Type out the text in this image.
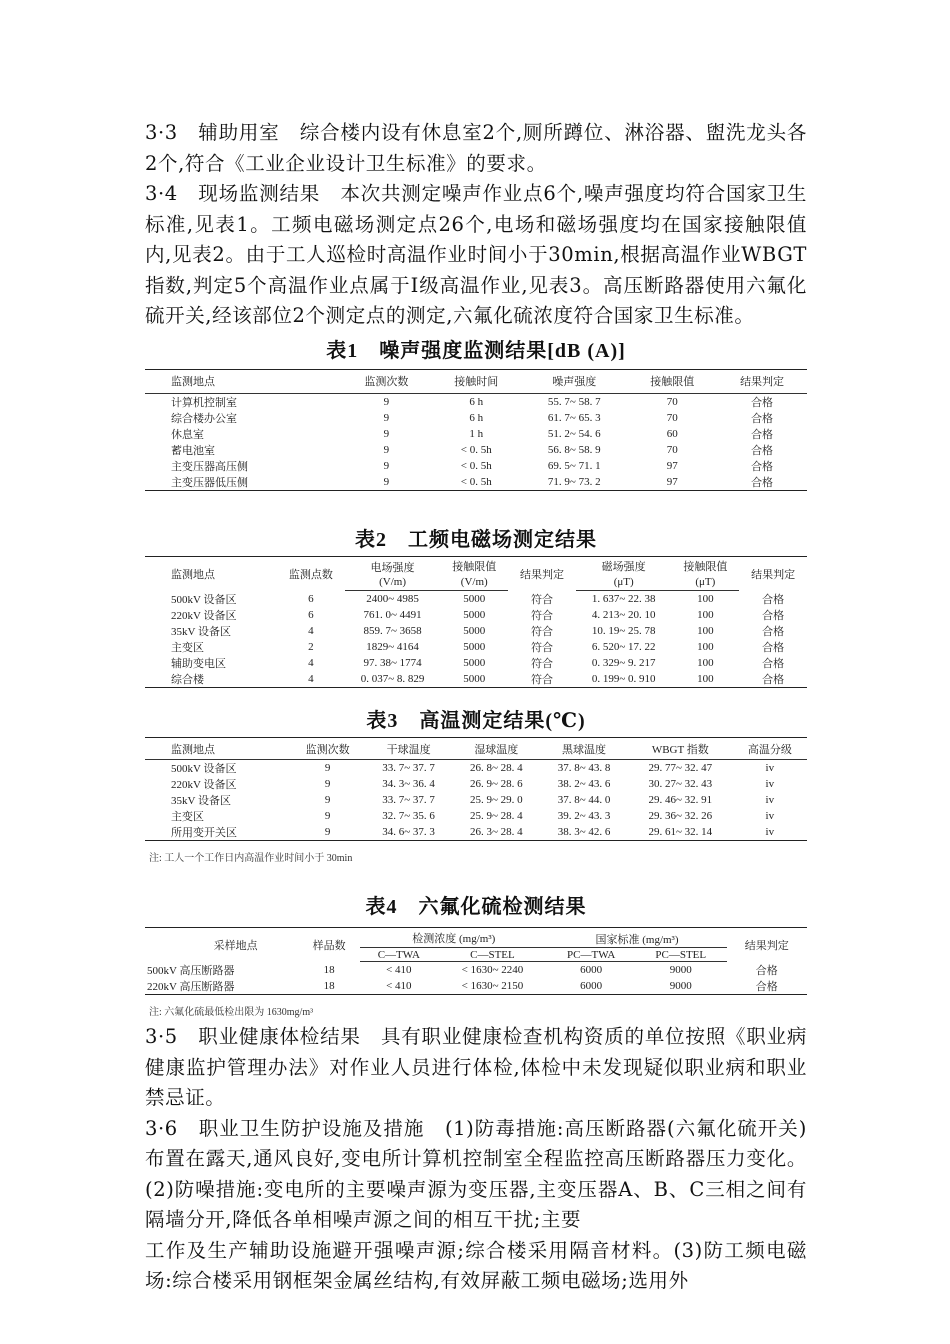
3·3　辅助用室　综合楼内设有休息室2个,厕所蹲位、淋浴器、盥洗龙头各2个,符合《工业企业设计卫生标准》的要求。

3·4　现场监测结果　本次共测定噪声作业点6个,噪声强度均符合国家卫生标准,见表1。工频电磁场测定点26个,电场和磁场强度均在国家接触限值内,见表2。由于工人巡检时高温作业时间小于30min,根据高温作业WBGT指数,判定5个高温作业点属于Ⅰ级高温作业,见表3。高压断路器使用六氟化硫开关,经该部位2个测定点的测定,六氟化硫浓度符合国家卫生标准。

表1　噪声强度监测结果[dB (A)]

监测地点	监测次数	接触时间	噪声强度	接触限值	结果判定
计算机控制室	9	6 h	55. 7~ 58. 7	70	合格
综合楼办公室	9	6 h	61. 7~ 65. 3	70	合格
休息室	9	1 h	51. 2~ 54. 6	60	合格
蓄电池室	9	< 0. 5h	56. 8~ 58. 9	70	合格
主变压器高压侧	9	< 0. 5h	69. 5~ 71. 1	97	合格
主变压器低压侧	9	< 0. 5h	71. 9~ 73. 2	97	合格

表2　工频电磁场测定结果

监测地点	监测点数	电场强度	接触限值	结果判定	磁场强度	接触限值	结果判定
		(V/m)	(V/m)		(μT)	(μT)	
500kV 设备区	6	2400~ 4985	5000	符合	1. 637~ 22. 38	100	合格
220kV 设备区	6	761. 0~ 4491	5000	符合	4. 213~ 20. 10	100	合格
35kV 设备区	4	859. 7~ 3658	5000	符合	10. 19~ 25. 78	100	合格
主变区	2	1829~ 4164	5000	符合	6. 520~ 17. 22	100	合格
辅助变电区	4	97. 38~ 1774	5000	符合	0. 329~ 9. 217	100	合格
综合楼	4	0. 037~ 8. 829	5000	符合	0. 199~ 0. 910	100	合格

表3　高温测定结果(℃)

监测地点	监测次数	干球温度	湿球温度	黑球温度	WBGT 指数	高温分级
500kV 设备区	9	33. 7~ 37. 7	26. 8~ 28. 4	37. 8~ 43. 8	29. 77~ 32. 47	iv
220kV 设备区	9	34. 3~ 36. 4	26. 9~ 28. 6	38. 2~ 43. 6	30. 27~ 32. 43	iv
35kV 设备区	9	33. 7~ 37. 7	25. 9~ 29. 0	37. 8~ 44. 0	29. 46~ 32. 91	iv
主变区	9	32. 7~ 35. 6	25. 9~ 28. 4	39. 2~ 43. 3	29. 36~ 32. 26	iv
所用变开关区	9	34. 6~ 37. 3	26. 3~ 28. 4	38. 3~ 42. 6	29. 61~ 32. 14	iv

注: 工人一个工作日内高温作业时间小于 30min

表4　六氟化硫检测结果

采样地点	样品数	检测浓度 (mg/m³)		国家标准 (mg/m³)		结果判定
		C—TWA	C—STEL	PC—TWA	PC—STEL	
500kV 高压断路器	18	< 410	< 1630~ 2240	6000	9000	合格
220kV 高压断路器	18	< 410	< 1630~ 2150	6000	9000	合格

注: 六氟化硫最低检出限为 1630mg/m³

3·5　职业健康体检结果　具有职业健康检查机构资质的单位按照《职业病健康监护管理办法》对作业人员进行体检,体检中未发现疑似职业病和职业禁忌证。

3·6　职业卫生防护设施及措施　(1)防毒措施:高压断路器(六氟化硫开关)布置在露天,通风良好,变电所计算机控制室全程监控高压断路器压力变化。(2)防噪措施:变电所的主要噪声源为变压器,主变压器A、B、C三相之间有隔墙分开,降低各单相噪声源之间的相互干扰;主要

工作及生产辅助设施避开强噪声源;综合楼采用隔音材料。(3)防工频电磁场:综合楼采用钢框架金属丝结构,有效屏蔽工频电磁场;选用外
